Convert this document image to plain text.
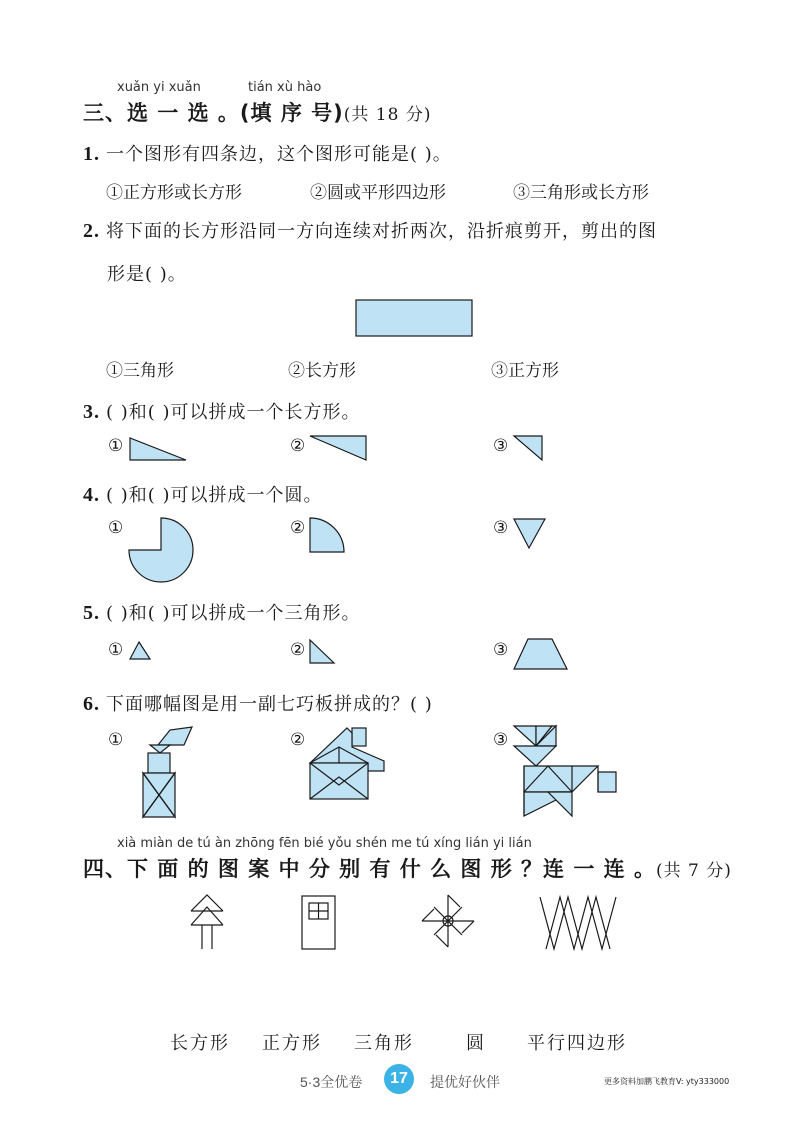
xuǎn yi xuǎn	tián xù hào
三、选 一 选 。(填 序 号)(共 18 分)
1. 一个图形有四条边，这个图形可能是( )。
①正方形或长方形	②圆或平形四边形	③三角形或长方形
2. 将下面的长方形沿同一方向连续对折两次，沿折痕剪开，剪出的图
形是( )。
①三角形	②长方形	③正方形
3. ( )和( )可以拼成一个长方形。
①	②	③
4. ( )和( )可以拼成一个圆。
①	②	③
5. ( )和( )可以拼成一个三角形。
①	②	③
6. 下面哪幅图是用一副七巧板拼成的？( )
①	②	③
xià miàn de tú àn zhōng fēn bié yǒu shén me tú xíng lián yi lián
四、下 面 的 图 案 中 分 别 有 什 么 图 形 ？连 一 连 。(共 7 分)
长方形 正方形 三角形	圆 平行四边形
5·3全优卷	17	提优好伙伴	更多资料加鹏飞教育V: yty333000
